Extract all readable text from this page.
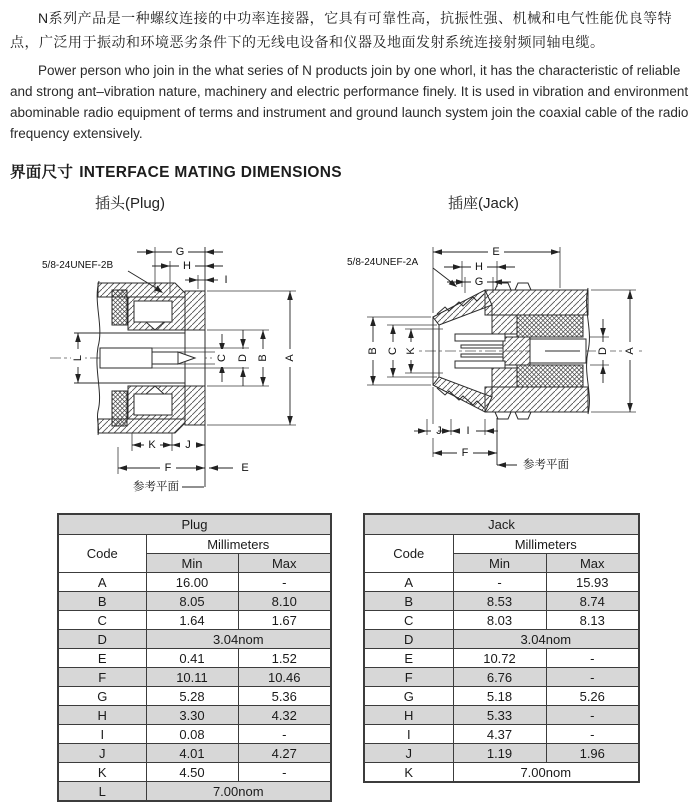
N系列产品是一种螺纹连接的中功率连接器，它具有可靠性高，抗振性强、机械和电气性能优良等特点，广泛用于振动和环境恶劣条件下的无线电设备和仪器及地面发射系统连接射频同轴电缆。
Power person who join in the what series of N products join by one whorl, it has the characteristic of reliable and strong ant–vibration nature, machinery and electric performance finely. It is used in vibration and environment abominable radio equipment of terms and instrument and ground launch system join the coaxial cable of the radio frequency extensively.
界面尺寸 INTERFACE MATING DIMENSIONS
插头(Plug)	插座(Jack)
5/8-24UNEF-2B
参考平面
G
H
I
L	C D B A
K	J
F	E
5/8-24UNEF-2A
参考平面
E
H
G
B C K	D A
J I
F
Plug		
Code	Millimeters	
	Min	Max
A	16.00	-
B	8.05	8.10
C	1.64	1.67
D	3.04nom	
E	0.41	1.52
F	10.11	10.46
G	5.28	5.36
H	3.30	4.32
I	0.08	-
J	4.01	4.27
K	4.50	-
L	7.00nom	
Jack		
Code	Millimeters	
	Min	Max
A	-	15.93
B	8.53	8.74
C	8.03	8.13
D	3.04nom	
E	10.72	-
F	6.76	-
G	5.18	5.26
H	5.33	-
I	4.37	-
J	1.19	1.96
K	7.00nom	
